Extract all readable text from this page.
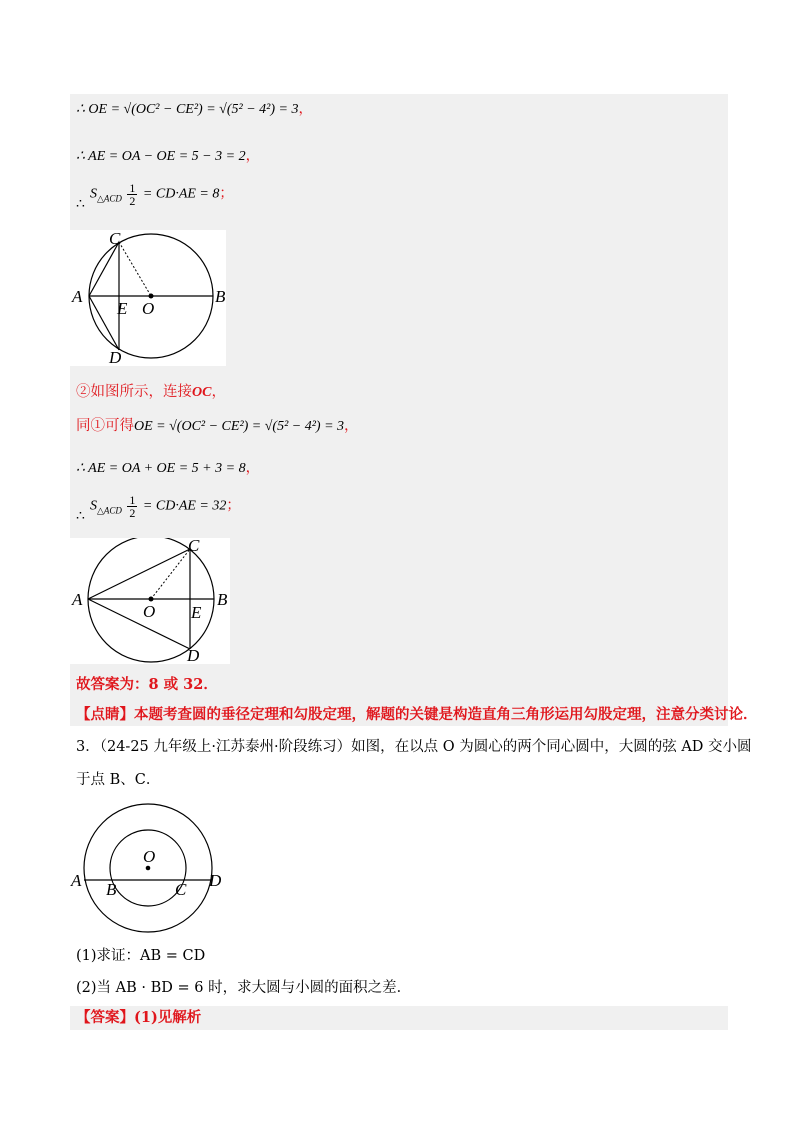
∴ OE = √(OC² − CE²) = √(5² − 4²) = 3，
∴ AE = OA − OE = 5 − 3 = 2，
$S_{\triangle ACD} \frac{1}{2} = CD\cdot AE = 8$；
∴
A	B
C
D
E O
②如图所示，连接OC，
同①可得OE = √(OC² − CE²) = √(5² − 4²) = 3，
∴ AE = OA + OE = 5 + 3 = 8，
$S_{\triangle ACD} \frac{1}{2} = CD\cdot AE = 32$；
∴
A	B
C
D
E
O
故答案为：8 或 32．
【点睛】本题考查圆的垂径定理和勾股定理，解题的关键是构造直角三角形运用勾股定理，注意分类讨论．
3．（24-25 九年级上·江苏泰州·阶段练习）如图，在以点 O 为圆心的两个同心圆中，大圆的弦 AD 交小圆
于点 B、C．
O
A B	C D
(1)求证：AB = CD
(2)当 AB · BD = 6 时，求大圆与小圆的面积之差．
【答案】(1)见解析
